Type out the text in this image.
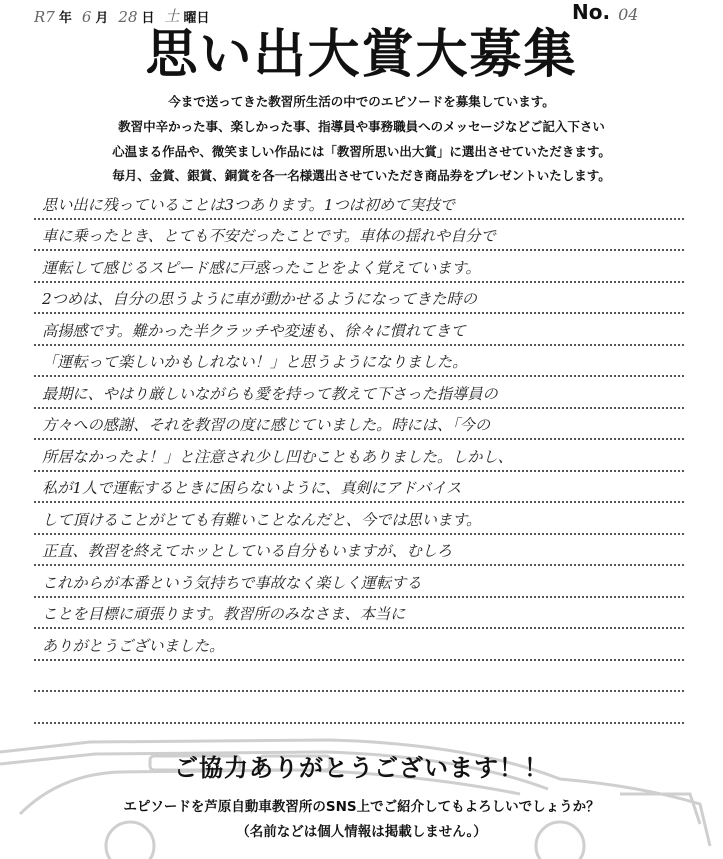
R7 年 6 月 28 日 土 曜日	No. 04
思い出大賞大募集
今まで送ってきた教習所生活の中でのエピソードを募集しています。
教習中辛かった事、楽しかった事、指導員や事務職員へのメッセージなどご記入下さい
心温まる作品や、微笑ましい作品には「教習所思い出大賞」に選出させていただきます。
毎月、金賞、銀賞、銅賞を各一名様選出させていただき商品券をプレゼントいたします。
思い出に残っていることは3つあります。1つは初めて実技で
車に乗ったとき、とても不安だったことです。車体の揺れや自分で
運転して感じるスピード感に戸惑ったことをよく覚えています。
2つめは、自分の思うように車が動かせるようになってきた時の
高揚感です。難かった半クラッチや変速も、徐々に慣れてきて
「運転って楽しいかもしれない！」と思うようになりました。
最期に、やはり厳しいながらも愛を持って教えて下さった指導員の
方々への感謝、それを教習の度に感じていました。時には、「今の
所居なかったよ！」と注意され少し凹むこともありました。しかし、
私が1人で運転するときに困らないように、真剣にアドバイス
して頂けることがとても有難いことなんだと、今では思います。
正直、教習を終えてホッとしている自分もいますが、むしろ
これからが本番という気持ちで事故なく楽しく運転する
ことを目標に頑張ります。教習所のみなさま、本当に
ありがとうございました。
ご協力ありがとうございます！！
エピソードを芦原自動車教習所のSNS上でご紹介してもよろしいでしょうか？
（名前などは個人情報は掲載しません。）
